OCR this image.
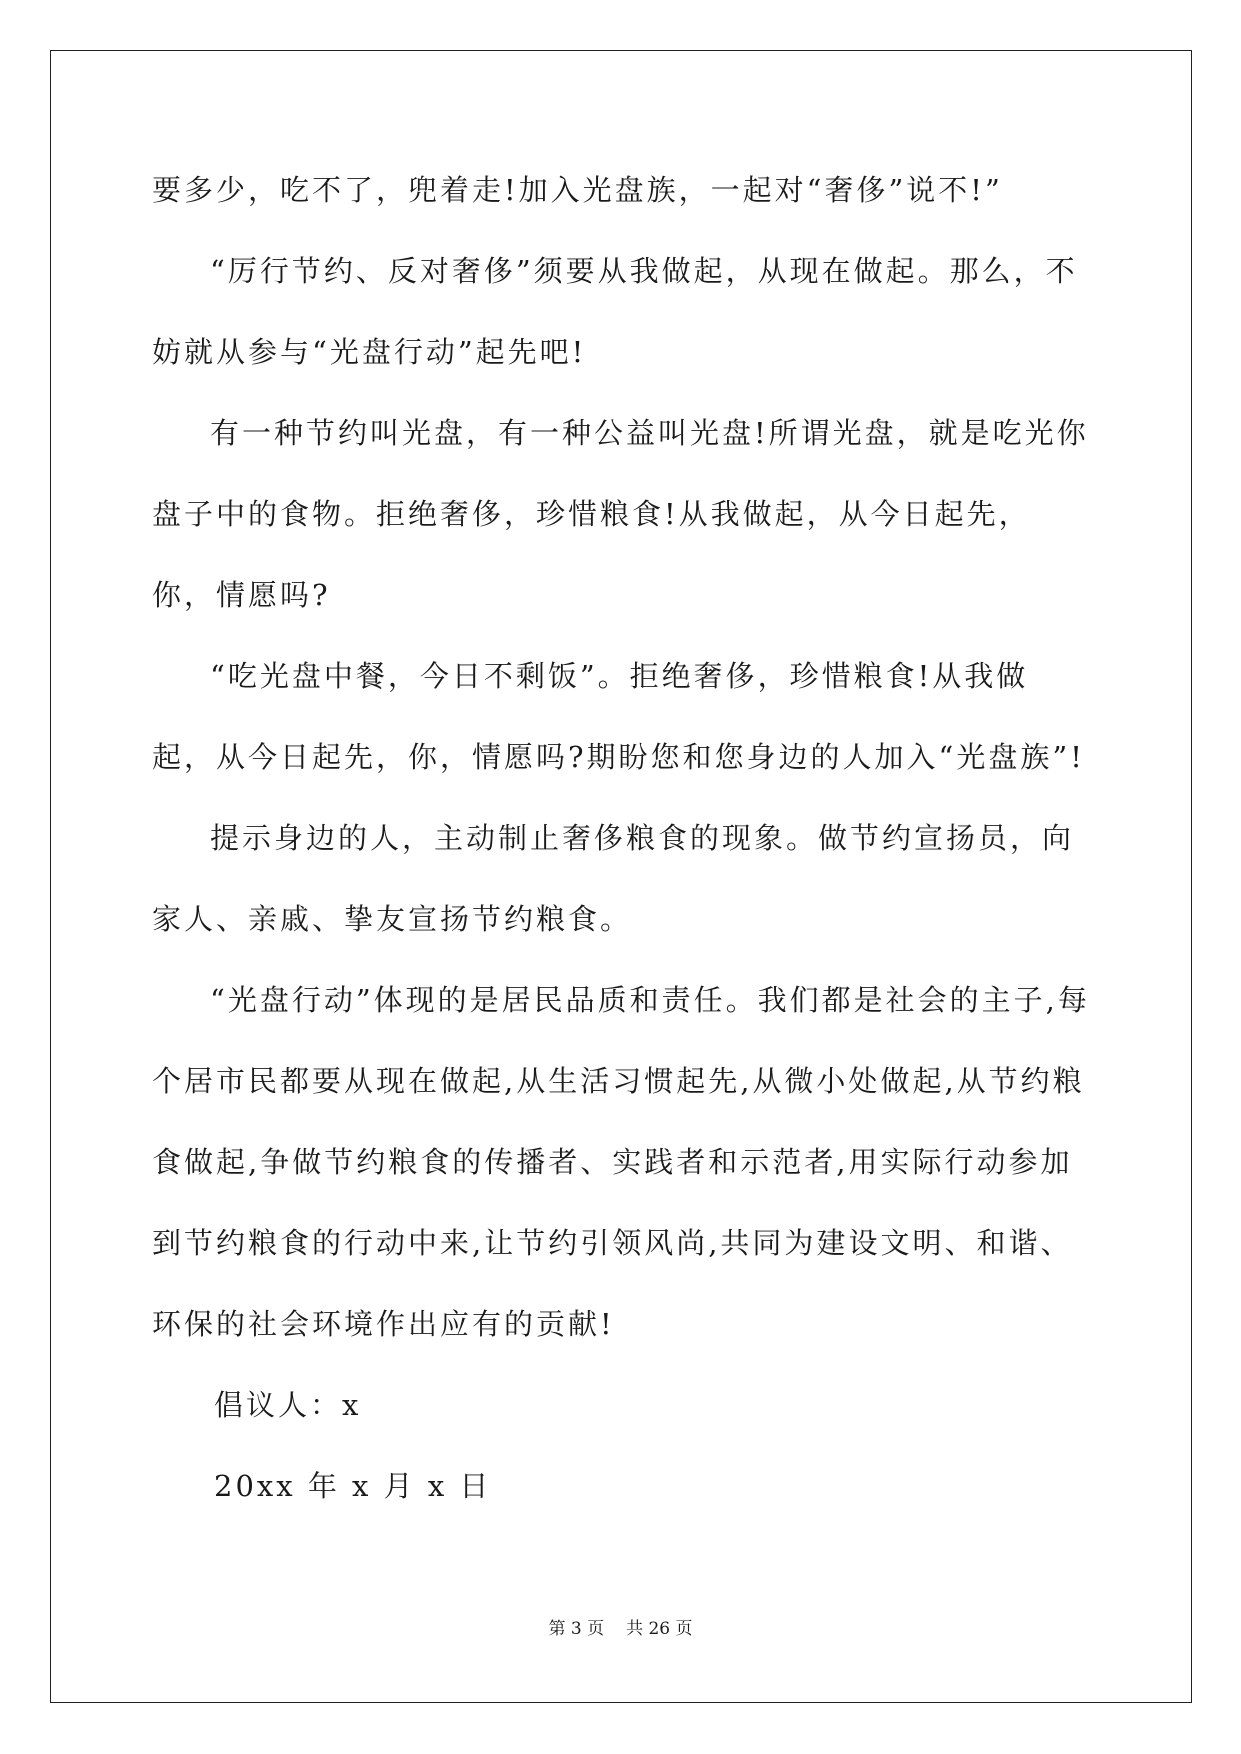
要多少，吃不了，兜着走!加入光盘族，一起对“奢侈”说不!”

“厉行节约、反对奢侈”须要从我做起，从现在做起。那么，不妨就从参与“光盘行动”起先吧!

有一种节约叫光盘，有一种公益叫光盘!所谓光盘，就是吃光你盘子中的食物。拒绝奢侈，珍惜粮食!从我做起，从今日起先，你，情愿吗?

“吃光盘中餐，今日不剩饭”。拒绝奢侈，珍惜粮食!从我做起，从今日起先，你，情愿吗?期盼您和您身边的人加入“光盘族”!

提示身边的人，主动制止奢侈粮食的现象。做节约宣扬员，向家人、亲戚、挚友宣扬节约粮食。

“光盘行动”体现的是居民品质和责任。我们都是社会的主子,每个居市民都要从现在做起,从生活习惯起先,从微小处做起,从节约粮食做起,争做节约粮食的传播者、实践者和示范者,用实际行动参加到节约粮食的行动中来,让节约引领风尚,共同为建设文明、和谐、环保的社会环境作出应有的贡献!

倡议人：x

20xx 年 x 月 x 日

第 3 页 共 26 页
